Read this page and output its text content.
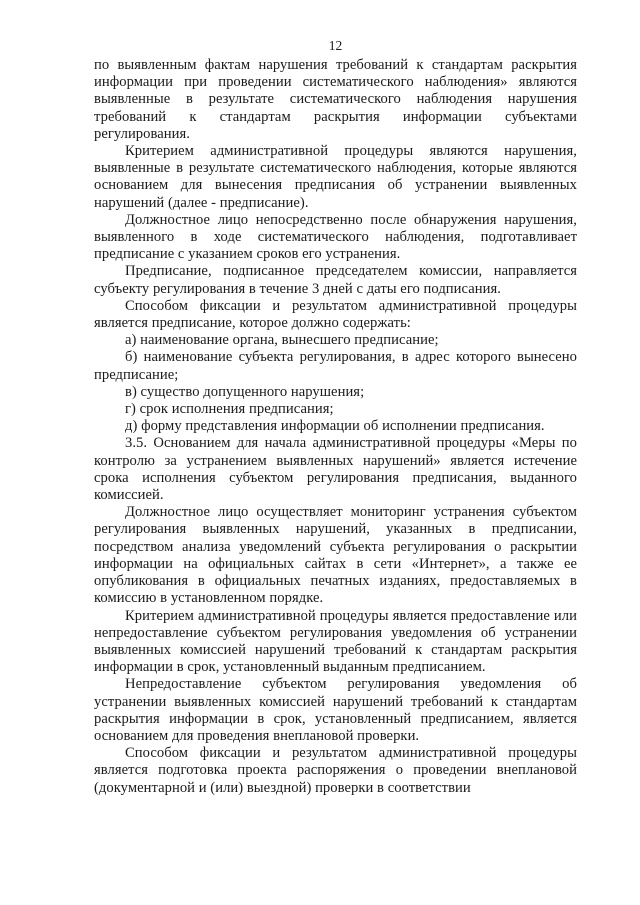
12

по выявленным фактам нарушения требований к стандартам раскрытия информации при проведении систематического наблюдения» являются выявленные в результате систематического наблюдения нарушения требований к стандартам раскрытия информации субъектами регулирования.

Критерием административной процедуры являются нарушения, выявленные в результате систематического наблюдения, которые являются основанием для вынесения предписания об устранении выявленных нарушений (далее - предписание).

Должностное лицо непосредственно после обнаружения нарушения, выявленного в ходе систематического наблюдения, подготавливает предписание с указанием сроков его устранения.

Предписание, подписанное председателем комиссии, направляется субъекту регулирования в течение 3 дней с даты его подписания.

Способом фиксации и результатом административной процедуры является предписание, которое должно содержать:

а) наименование органа, вынесшего предписание;

б) наименование субъекта регулирования, в адрес которого вынесено предписание;

в) существо допущенного нарушения;

г) срок исполнения предписания;

д) форму представления информации об исполнении предписания.

3.5. Основанием для начала административной процедуры «Меры по контролю за устранением выявленных нарушений» является истечение срока исполнения субъектом регулирования предписания, выданного комиссией.

Должностное лицо осуществляет мониторинг устранения субъектом регулирования выявленных нарушений, указанных в предписании, посредством анализа уведомлений субъекта регулирования о раскрытии информации на официальных сайтах в сети «Интернет», а также ее опубликования в официальных печатных изданиях, предоставляемых в комиссию в установленном порядке.

Критерием административной процедуры является предоставление или непредоставление субъектом регулирования уведомления об устранении выявленных комиссией нарушений требований к стандартам раскрытия информации в срок, установленный выданным предписанием.

Непредоставление субъектом регулирования уведомления об устранении выявленных комиссией нарушений требований к стандартам раскрытия информации в срок, установленный предписанием, является основанием для проведения внеплановой проверки.

Способом фиксации и результатом административной процедуры является подготовка проекта распоряжения о проведении внеплановой (документарной и (или) выездной) проверки в соответствии
